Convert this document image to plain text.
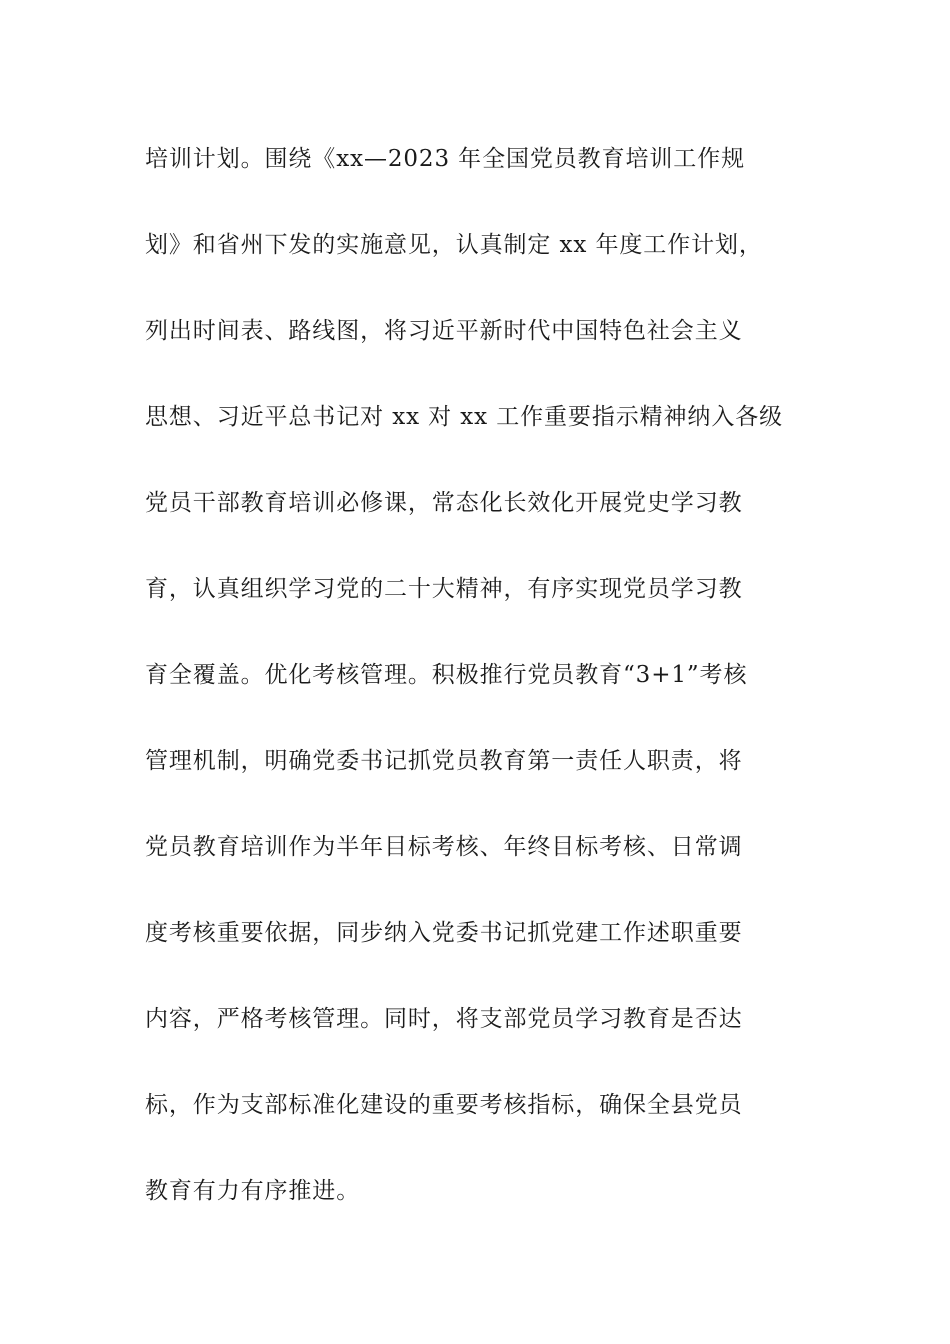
培训计划。围绕《xx—2023 年全国党员教育培训工作规
划》和省州下发的实施意见，认真制定 xx 年度工作计划，
列出时间表、路线图，将习近平新时代中国特色社会主义
思想、习近平总书记对 xx 对 xx 工作重要指示精神纳入各级
党员干部教育培训必修课，常态化长效化开展党史学习教
育，认真组织学习党的二十大精神，有序实现党员学习教
育全覆盖。优化考核管理。积极推行党员教育“3+1”考核
管理机制，明确党委书记抓党员教育第一责任人职责，将
党员教育培训作为半年目标考核、年终目标考核、日常调
度考核重要依据，同步纳入党委书记抓党建工作述职重要
内容，严格考核管理。同时，将支部党员学习教育是否达
标，作为支部标准化建设的重要考核指标，确保全县党员
教育有力有序推进。
